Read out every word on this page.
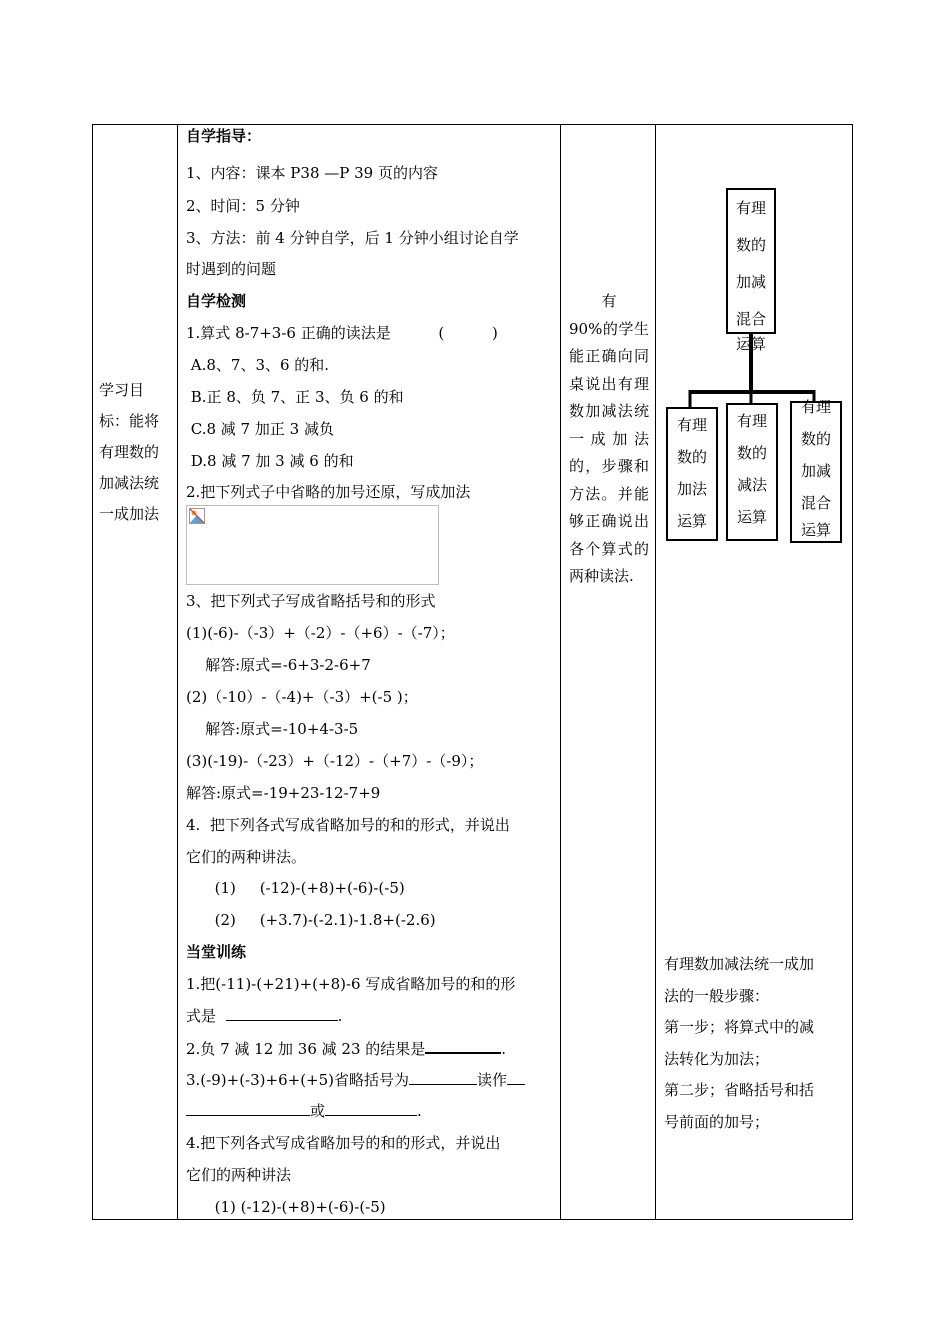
学习目标：能将有理数的加减法统一成加法

自学指导：
1、内容：课本 P38 —P 39 页的内容
2、时间：5 分钟
3、方法：前 4 分钟自学，后 1 分钟小组讨论自学
时遇到的问题
自学检测
1.算式 8-7+3-6 正确的读法是          (          )
A.8、7、3、6 的和.
B.正 8、负 7、正 3、负 6 的和
C.8 减 7 加正 3 减负
D.8 减 7 加 3 减 6 的和
2.把下列式子中省略的加号还原，写成加法
3、把下列式子写成省略括号和的形式
(1)(-6)-（-3）+（-2）-（+6）-（-7）；
解答:原式=-6+3-2-6+7
(2)（-10）-（-4)+（-3）+(-5 )；
解答:原式=-10+4-3-5
(3)(-19)-（-23）+（-12）-（+7）-（-9）；
解答:原式=-19+23-12-7+9
4.  把下列各式写成省略加号的和的形式，并说出
它们的两种讲法。
(1)     (-12)-(+8)+(-6)-(-5)
(2)     (+3.7)-(-2.1)-1.8+(-2.6)
当堂训练
1.把(-11)-(+21)+(+8)-6 写成省略加号的和的形
式是	.
2.负 7 减 12 加 36 减 23 的结果是	.
3.(-9)+(-3)+6+(+5)省略括号为	读作
或	.
4.把下列各式写成省略加号的和的形式，并说出
它们的两种讲法
(1) (-12)-(+8)+(-6)-(-5)

有
90%的学生能正确向同桌说出有理数加减法统一成加法的，步骤和方法。并能够正确说出各个算式的两种读法.

有理
数的
加减
混合
运算
有理
数的
加法
运算
有理
数的
减法
运算
有理
数的
加减
混合
运算
有理数加减法统一成加
法的一般步骤：
第一步；将算式中的减
法转化为加法；
第二步；省略括号和括
号前面的加号；
